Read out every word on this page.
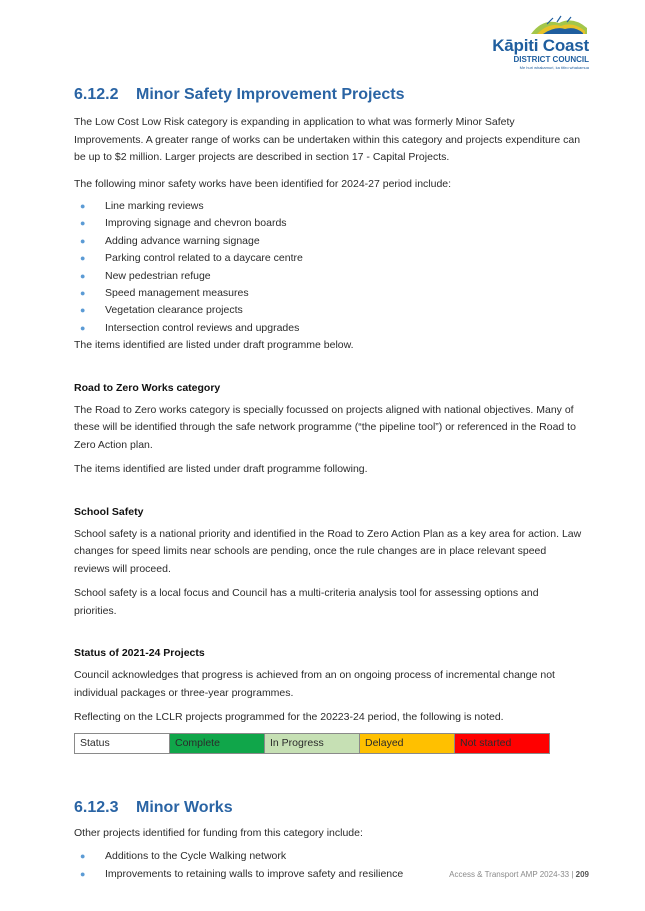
Kāpiti Coast
DISTRICT COUNCIL
Me huri whakamuri, ka titiro whakamua
6.12.2	Minor Safety Improvement Projects

The Low Cost Low Risk category is expanding in application to what was formerly Minor Safety Improvements. A greater range of works can be undertaken within this category and projects expenditure can be up to $2 million. Larger projects are described in section 17 - Capital Projects.

The following minor safety works have been identified for 2024-27 period include:

● Line marking reviews
● Improving signage and chevron boards
● Adding advance warning signage
● Parking control related to a daycare centre
● New pedestrian refuge
● Speed management measures
● Vegetation clearance projects
● Intersection control reviews and upgrades

The items identified are listed under draft programme below.

Road to Zero Works category

The Road to Zero works category is specially focussed on projects aligned with national objectives. Many of these will be identified through the safe network programme (“the pipeline tool”) or referenced in the Road to Zero Action plan.

The items identified are listed under draft programme following.

School Safety

School safety is a national priority and identified in the Road to Zero Action Plan as a key area for action. Law changes for speed limits near schools are pending, once the rule changes are in place relevant speed reviews will proceed.

School safety is a local focus and Council has a multi-criteria analysis tool for assessing options and priorities.

Status of 2021-24 Projects

Council acknowledges that progress is achieved from an on ongoing process of incremental change not individual packages or three-year programmes.

Reflecting on the LCLR projects programmed for the 20223-24 period, the following is noted.

Status	Complete	In Progress	Delayed	Not started
6.12.3	Minor Works

Other projects identified for funding from this category include:

● Additions to the Cycle Walking network
● Improvements to retaining walls to improve safety and resilience	Access & Transport AMP 2024-33 | 209
